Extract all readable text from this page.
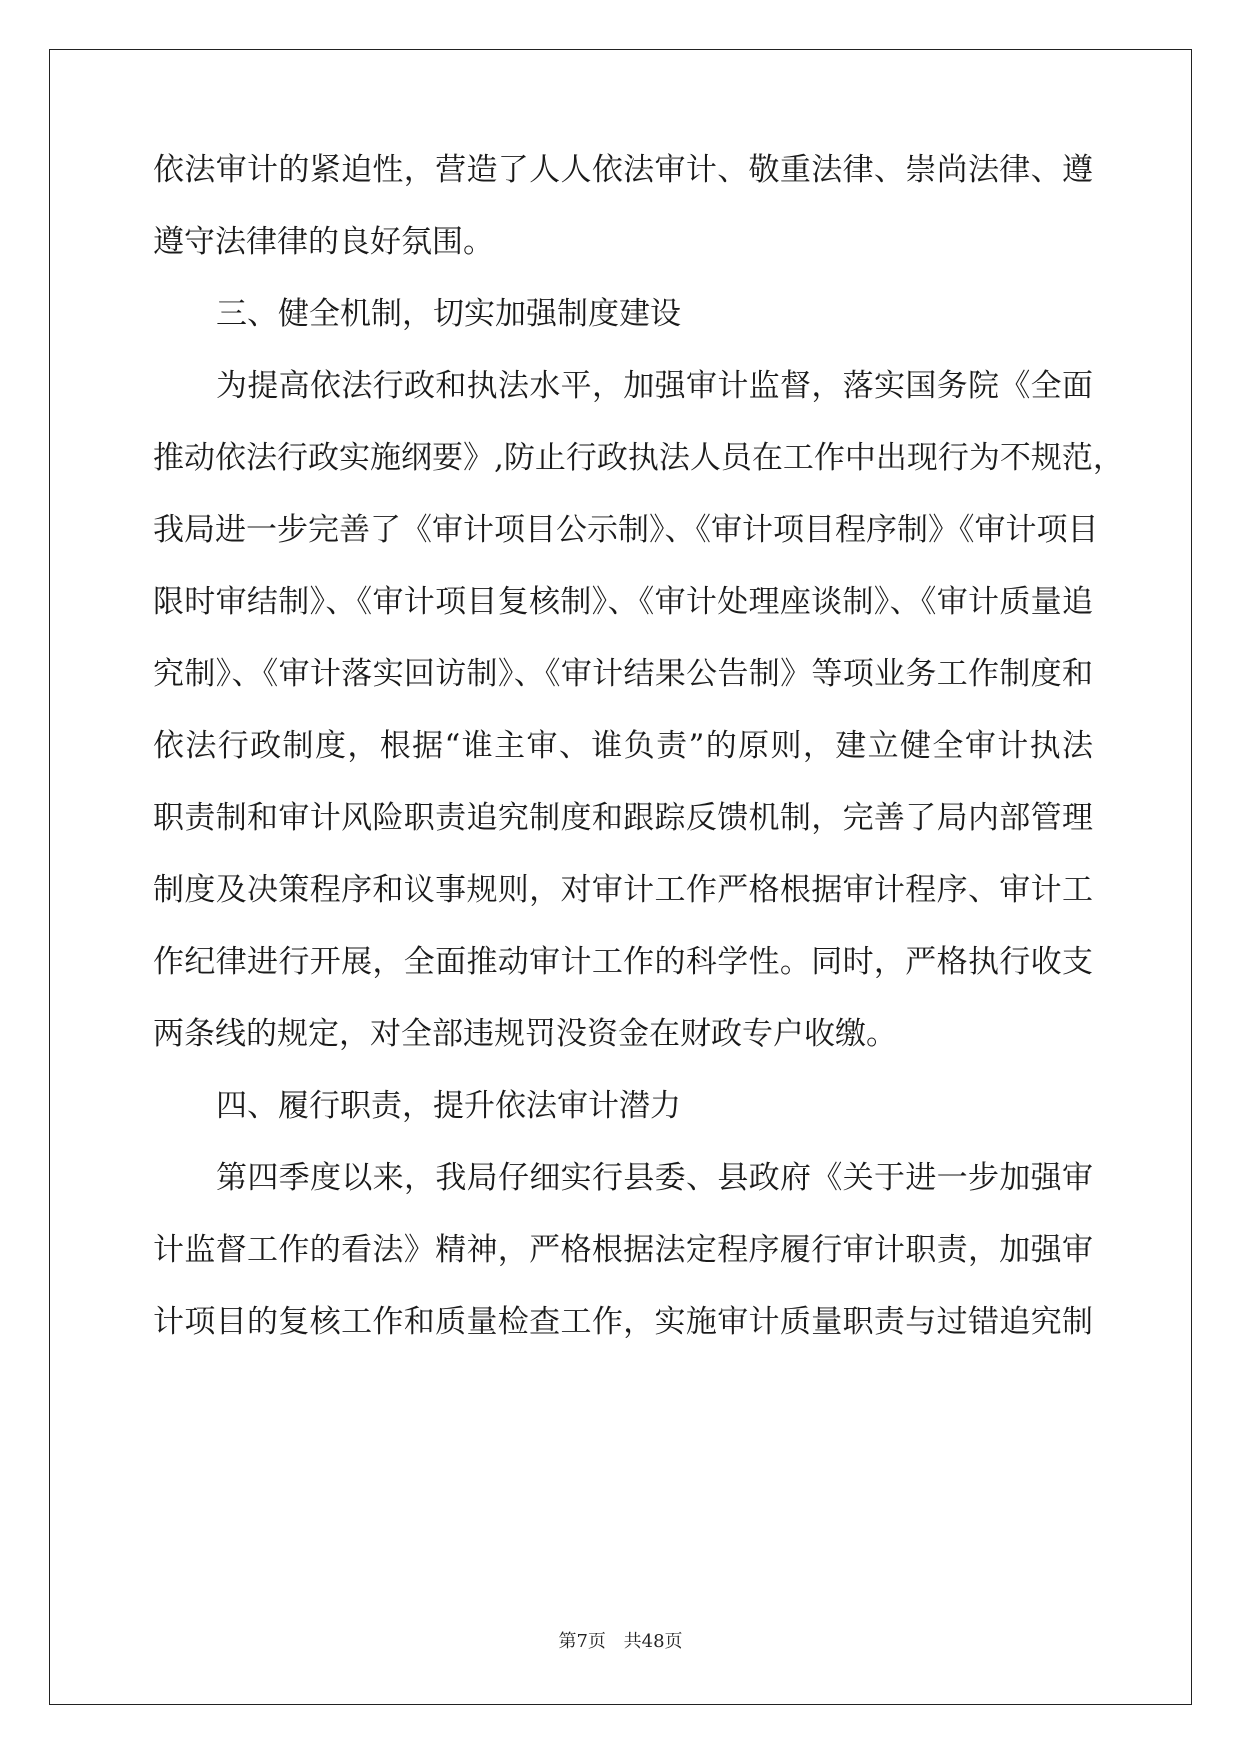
依法审计的紧迫性，营造了人人依法审计、敬重法律、崇尚法律、遵
遵守法律律的良好氛围。
三、健全机制，切实加强制度建设
为提高依法行政和执法水平，加强审计监督，落实国务院《全面
推动依法行政实施纲要》,防止行政执法人员在工作中出现行为不规范，
我局进一步完善了《审计项目公示制》、《审计项目程序制》《审计项目
限时审结制》、《审计项目复核制》、《审计处理座谈制》、《审计质量追
究制》、《审计落实回访制》、《审计结果公告制》等项业务工作制度和
依法行政制度，根据“谁主审、谁负责”的原则，建立健全审计执法
职责制和审计风险职责追究制度和跟踪反馈机制，完善了局内部管理
制度及决策程序和议事规则，对审计工作严格根据审计程序、审计工
作纪律进行开展，全面推动审计工作的科学性。同时，严格执行收支
两条线的规定，对全部违规罚没资金在财政专户收缴。
四、履行职责，提升依法审计潜力
第四季度以来，我局仔细实行县委、县政府《关于进一步加强审
计监督工作的看法》精神，严格根据法定程序履行审计职责，加强审
计项目的复核工作和质量检查工作，实施审计质量职责与过错追究制
第7页 共48页
